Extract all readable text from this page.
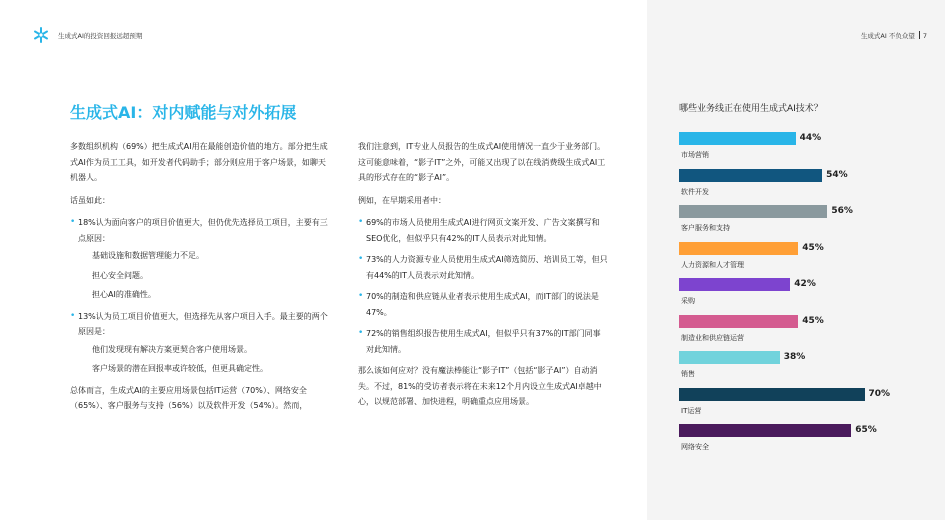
生成式AI的投资回报远超预期	生成式AI 不负众望 7
生成式AI：对内赋能与对外拓展

多数组织机构（69%）把生成式AI用在最能创造价值的地方。部分把生成式AI作为员工工具，如开发者代码助手；部分则应用于客户场景，如聊天机器人。

话虽如此：

• 18%认为面向客户的项目价值更大，但仍优先选择员工项目，主要有三点原因：
基础设施和数据管理能力不足。
担心安全问题。
担心AI的准确性。
• 13%认为员工项目价值更大，但选择先从客户项目入手。最主要的两个原因是：
他们发现现有解决方案更契合客户使用场景。
客户场景的潜在回报率或许较低，但更具确定性。

总体而言，生成式AI的主要应用场景包括IT运营（70%）、网络安全（65%）、客户服务与支持（56%）以及软件开发（54%）。然而，

我们注意到，IT专业人员报告的生成式AI使用情况一直少于业务部门。这可能意味着，“影子IT”之外，可能又出现了以在线消费级生成式AI工具的形式存在的“影子AI”。

例如，在早期采用者中：

• 69%的市场人员使用生成式AI进行网页文案开发、广告文案撰写和SEO优化，但似乎只有42%的IT人员表示对此知情。
• 73%的人力资源专业人员使用生成式AI筛选简历、培训员工等，但只有44%的IT人员表示对此知情。
• 70%的制造和供应链从业者表示使用生成式AI，而IT部门的说法是47%。
• 72%的销售组织报告使用生成式AI，但似乎只有37%的IT部门同事对此知情。

那么该如何应对？没有魔法棒能让“影子IT”（包括“影子AI”）自动消失。不过，81%的受访者表示将在未来12个月内设立生成式AI卓越中心，以规范部署、加快进程，明确重点应用场景。

哪些业务线正在使用生成式AI技术？
44%
市场营销
54%
软件开发
56%
客户服务和支持
45%
人力资源和人才管理
42%
采购
45%
制造业和供应链运营
38%
销售
70%
IT运营
65%
网络安全
